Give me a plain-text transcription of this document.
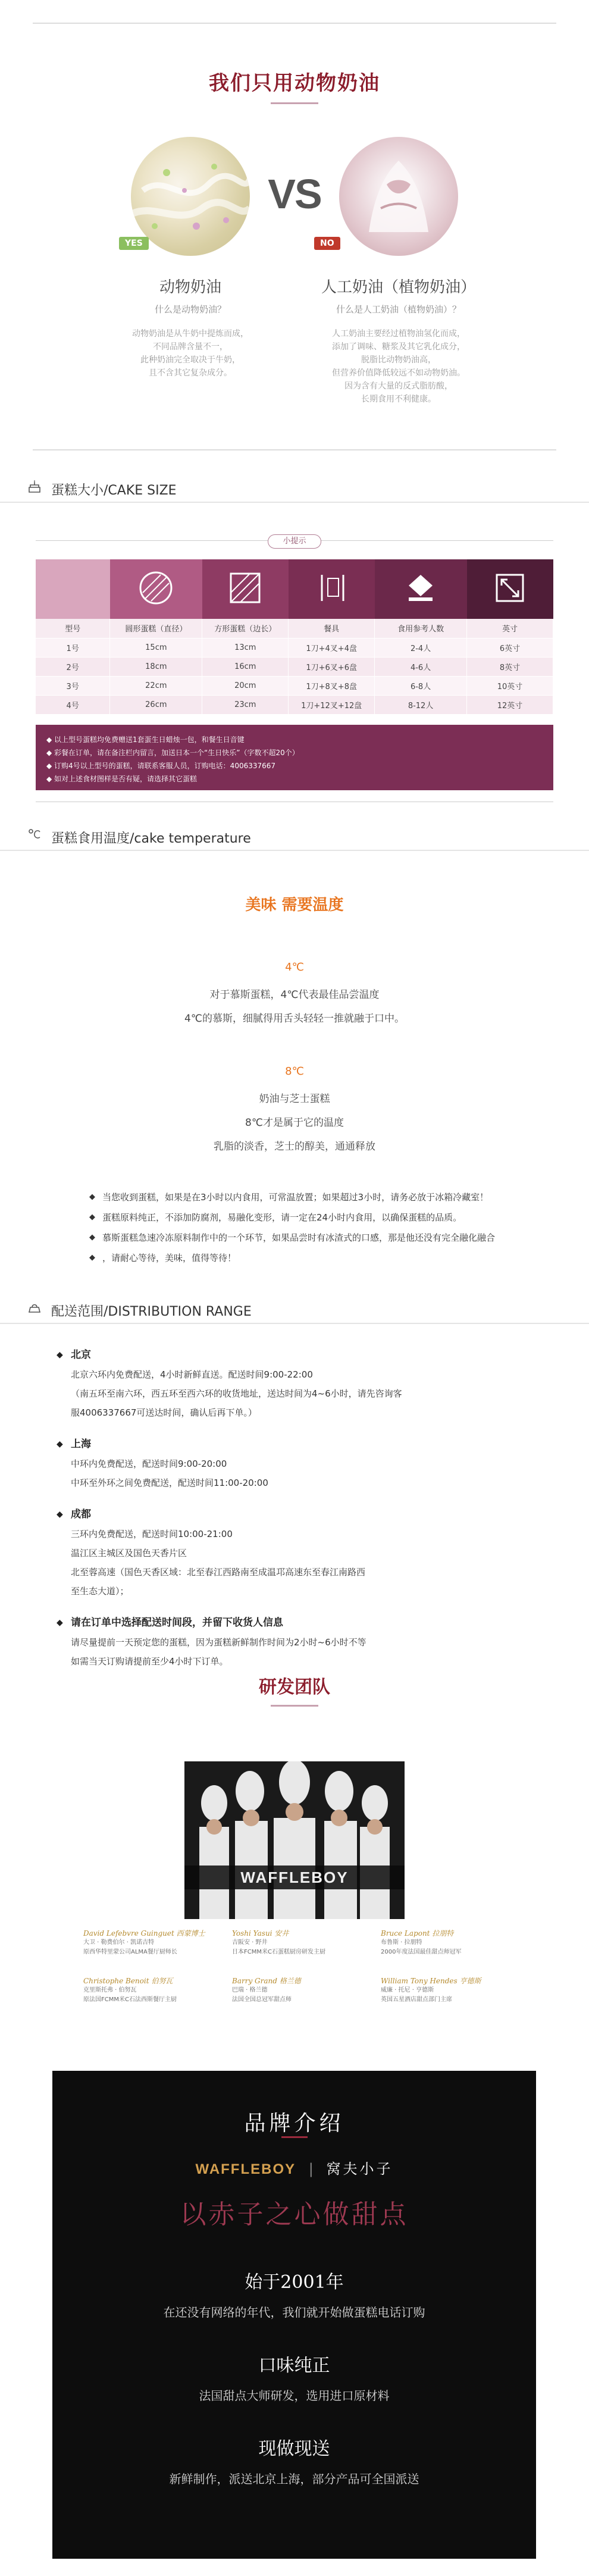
我们只用动物奶油
YES
VS
NO
动物奶油
什么是动物奶油？
动物奶油是从牛奶中提炼而成，
不同品牌含量不一，
此种奶油完全取决于牛奶，
且不含其它复杂成分。
人工奶油（植物奶油）
什么是人工奶油（植物奶油）？
人工奶油主要经过植物油氢化而成，
添加了调味、糖浆及其它乳化成分，
脱脂比动物奶油高，
但营养价值降低较远不如动物奶油。
因为含有大量的反式脂肪酸，
长期食用不利健康。
蛋糕大小/CAKE SIZE
小提示

型号	圆形蛋糕（直径）	方形蛋糕（边长）	餐具	食用参考人数	英寸
1号	15cm	13cm	1刀+4叉+4盘	2-4人	6英寸
2号	18cm	16cm	1刀+6叉+6盘	4-6人	8英寸
3号	22cm	20cm	1刀+8叉+8盘	6-8人	10英寸
4号	26cm	23cm	1刀+12叉+12盘	8-12人	12英寸
◆ 以上型号蛋糕均免费赠送1套蛋生日蜡烛一包，和餐生日音键
◆ 彩餐在订单，请在备注栏内留言，加送日本一个“生日快乐”（字数不超20个）
◆ 订购4号以上型号的蛋糕，请联系客服人员，订购电话：4006337667
◆ 如对上述食材图样是否有疑，请选择其它蛋糕
蛋糕食用温度/cake temperature
美味 需要温度
4℃
对于慕斯蛋糕，4℃代表最佳品尝温度
4℃的慕斯，细腻得用舌头轻轻一推就融于口中。
8℃
奶油与芝士蛋糕
8℃才是属于它的温度
乳脂的淡香，芝士的醇美，通通释放
◆ 当您收到蛋糕，如果是在3小时以内食用，可常温放置；如果超过3小时，请务必放于冰箱冷藏室！
◆ 蛋糕原料纯正，不添加防腐剂，易融化变形，请一定在24小时内食用，以确保蛋糕的品质。
◆ 慕斯蛋糕急速冷冻原料制作中的一个环节，如果品尝时有冰渣式的口感，那是他还没有完全融化融合
◆ ，请耐心等待，美味，值得等待！
配送范围/DISTRIBUTION RANGE
◆ 北京
北京六环内免费配送，4小时新鲜直送。配送时间9:00-22:00
（南五环至南六环，西五环至西六环的收货地址，送达时间为4~6小时，请先咨询客
服4006337667可送达时间，确认后再下单。）
◆ 上海
中环内免费配送，配送时间9:00-20:00
中环至外环之间免费配送，配送时间11:00-20:00
◆ 成都
三环内免费配送，配送时间10:00-21:00
温江区主城区及国色天香片区
北至蓉高速（国色天香区域：北至春江西路南至成温邛高速东至春江南路西
至生态大道）；
◆ 请在订单中选择配送时间段，并留下收货人信息
请尽量提前一天预定您的蛋糕，因为蛋糕新鲜制作时间为2小时~6小时不等
如需当天订购请提前至少4小时下订单。
研发团队
WAFFLEBOY
David Lefebvre Guinguet 西蒙博士
大卫 · 勒费伯尔 · 凯诺吉特
原西华特里蒙公司ALMA餐厅厨师长
Yoshi Yasui 安井
吉阪安 · 野井
日本FCMM米C石蛋糕厨房研发主厨
Bruce Lapont 拉朋特
布鲁斯 · 拉朋特
2000年度法国最佳甜点师冠军
Christophe Benoit 伯努瓦
克里斯托弗 · 伯努瓦
原法国FCMM米C石法西斯餐厅主厨
Barry Grand 格兰德
巴瑞 · 格兰德
法国全国总冠军甜点师
William Tony Hendes 亨德斯
威廉 · 托尼 · 亨德斯
英国五星酒店甜点部门主席
品牌介绍
WAFFLEBOY | 窝夫小子
以赤子之心做甜点
始于2001年
在还没有网络的年代，我们就开始做蛋糕电话订购
口味纯正
法国甜点大师研发，选用进口原材料
现做现送
新鲜制作，派送北京上海，部分产品可全国派送
